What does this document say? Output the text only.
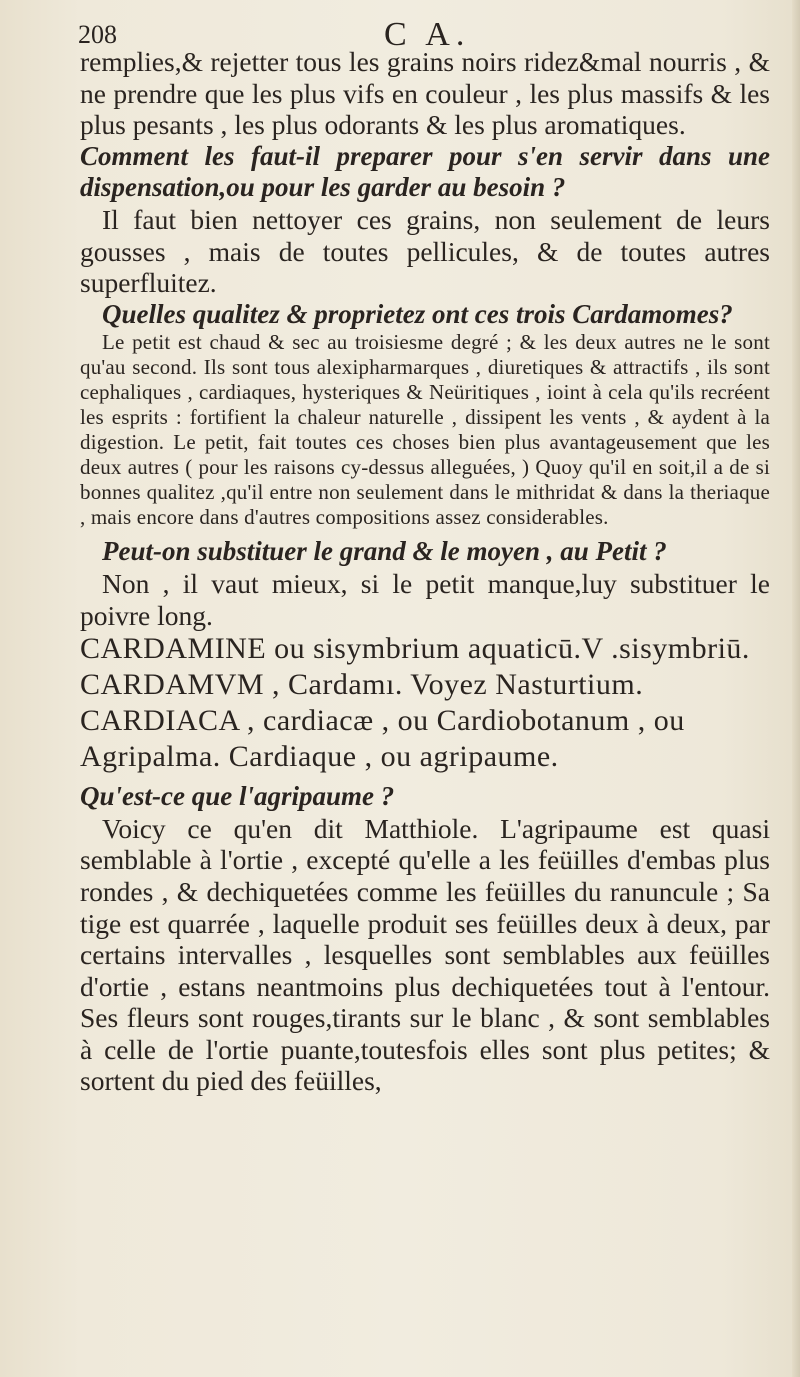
208	C A.

remplies,& rejetter tous les grains noirs ridez&mal nourris , & ne prendre que les plus vifs en couleur , les plus massifs & les plus pesants , les plus odorants & les plus aromatiques.

Comment les faut-il preparer pour s'en servir dans une dispensation,ou pour les garder au besoin ?

Il faut bien nettoyer ces grains, non seulement de leurs gousses , mais de toutes pellicules, & de toutes autres superfluitez.

Quelles qualitez & proprietez ont ces trois Cardamomes?

Le petit est chaud & sec au troisiesme degré ; & les deux autres ne le sont qu'au second. Ils sont tous alexipharmarques , diuretiques & attractifs , ils sont cephaliques , cardiaques, hysteriques & Neüritiques , ioint à cela qu'ils recréent les esprits : fortifient la chaleur naturelle , dissipent les vents , & aydent à la digestion. Le petit, fait toutes ces choses bien plus avantageusement que les deux autres ( pour les raisons cy-dessus alleguées, ) Quoy qu'il en soit,il a de si bonnes qualitez ,qu'il entre non seulement dans le mithridat & dans la theriaque , mais encore dans d'autres compositions assez considerables.

Peut-on substituer le grand & le moyen , au Petit ?

Non , il vaut mieux, si le petit manque,luy substituer le poivre long.

CARDAMINE ou sisymbrium aquaticū.V .sisymbriū.

CARDAMVM , Cardamı. Voyez Nasturtium.

CARDIACA , cardiacæ , ou Cardiobotanum , ou Agripalma. Cardiaque , ou agripaume.

Qu'est-ce que l'agripaume ?

Voicy ce qu'en dit Matthiole. L'agripaume est quasi semblable à l'ortie , excepté qu'elle a les feüilles d'embas plus rondes , & dechiquetées comme les feüilles du ranuncule ; Sa tige est quarrée , laquelle produit ses feüilles deux à deux, par certains intervalles , lesquelles sont semblables aux feüilles d'ortie , estans neantmoins plus dechiquetées tout à l'entour. Ses fleurs sont rouges,tirants sur le blanc , & sont semblables à celle de l'ortie puante,toutesfois elles sont plus petites; & sortent du pied des feüilles,
